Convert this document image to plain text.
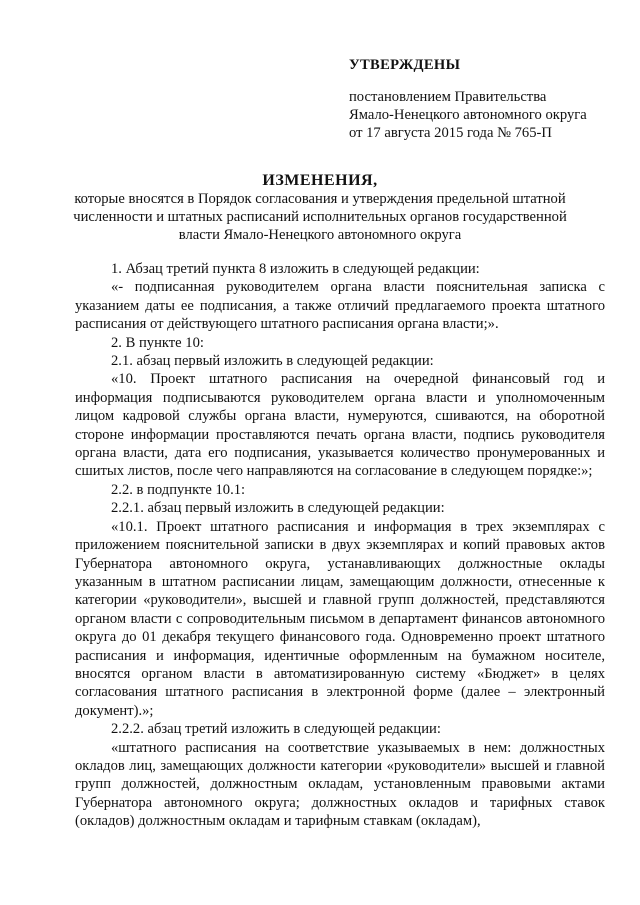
УТВЕРЖДЕНЫ
постановлением Правительства
Ямало-Ненецкого автономного округа
от 17 августа 2015 года № 765-П
ИЗМЕНЕНИЯ,
которые вносятся в Порядок согласования и утверждения предельной штатной численности и штатных расписаний исполнительных органов государственной власти Ямало-Ненецкого автономного округа

1. Абзац третий пункта 8 изложить в следующей редакции:

«- подписанная руководителем органа власти пояснительная записка с указанием даты ее подписания, а также отличий предлагаемого проекта штатного расписания от действующего штатного расписания органа власти;».

2. В пункте 10:

2.1. абзац первый изложить в следующей редакции:

«10. Проект штатного расписания на очередной финансовый год и информация подписываются руководителем органа власти и уполномоченным лицом кадровой службы органа власти, нумеруются, сшиваются, на оборотной стороне информации проставляются печать органа власти, подпись руководителя органа власти, дата его подписания, указывается количество пронумерованных и сшитых листов, после чего направляются на согласование в следующем порядке:»;

2.2. в подпункте 10.1:

2.2.1. абзац первый изложить в следующей редакции:

«10.1. Проект штатного расписания и информация в трех экземплярах с приложением пояснительной записки в двух экземплярах и копий правовых актов Губернатора автономного округа, устанавливающих должностные оклады указанным в штатном расписании лицам, замещающим должности, отнесенные к категории «руководители», высшей и главной групп должностей, представляются органом власти с сопроводительным письмом в департамент финансов автономного округа до 01 декабря текущего финансового года. Одновременно проект штатного расписания и информация, идентичные оформленным на бумажном носителе, вносятся органом власти в автоматизированную систему «Бюджет» в целях согласования штатного расписания в электронной форме (далее – электронный документ).»;

2.2.2. абзац третий изложить в следующей редакции:

«штатного расписания на соответствие указываемых в нем: должностных окладов лиц, замещающих должности категории «руководители» высшей и главной групп должностей, должностным окладам, установленным правовыми актами Губернатора автономного округа; должностных окладов и тарифных ставок (окладов) должностным окладам и тарифным ставкам (окладам),
